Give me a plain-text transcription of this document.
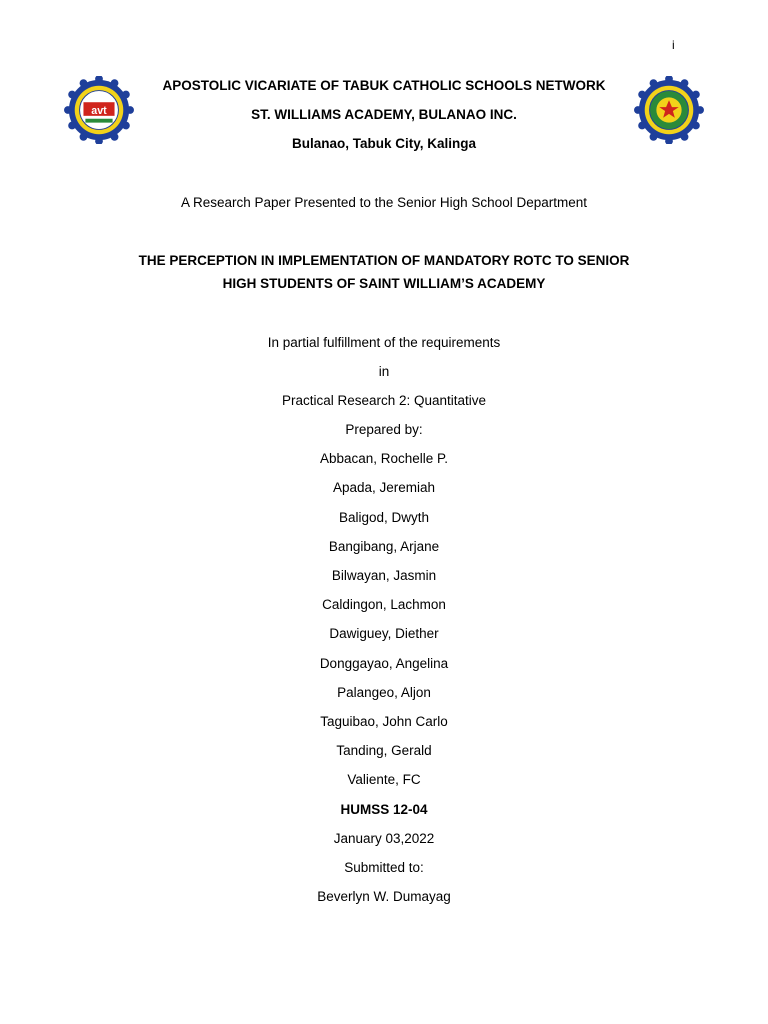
i
avt
APOSTOLIC VICARIATE OF TABUK CATHOLIC SCHOOLS NETWORK
ST. WILLIAMS ACADEMY, BULANAO INC.
Bulanao, Tabuk City, Kalinga
A Research Paper Presented to the Senior High School Department
THE PERCEPTION IN IMPLEMENTATION OF MANDATORY ROTC TO SENIOR
HIGH STUDENTS OF SAINT WILLIAM’S ACADEMY
In partial fulfillment of the requirements
in
Practical Research 2: Quantitative
Prepared by:
Abbacan, Rochelle P.
Apada, Jeremiah
Baligod, Dwyth
Bangibang, Arjane
Bilwayan, Jasmin
Caldingon, Lachmon
Dawiguey, Diether
Donggayao, Angelina
Palangeo, Aljon
Taguibao, John Carlo
Tanding, Gerald
Valiente, FC
HUMSS 12-04
January 03,2022
Submitted to:
Beverlyn W. Dumayag
